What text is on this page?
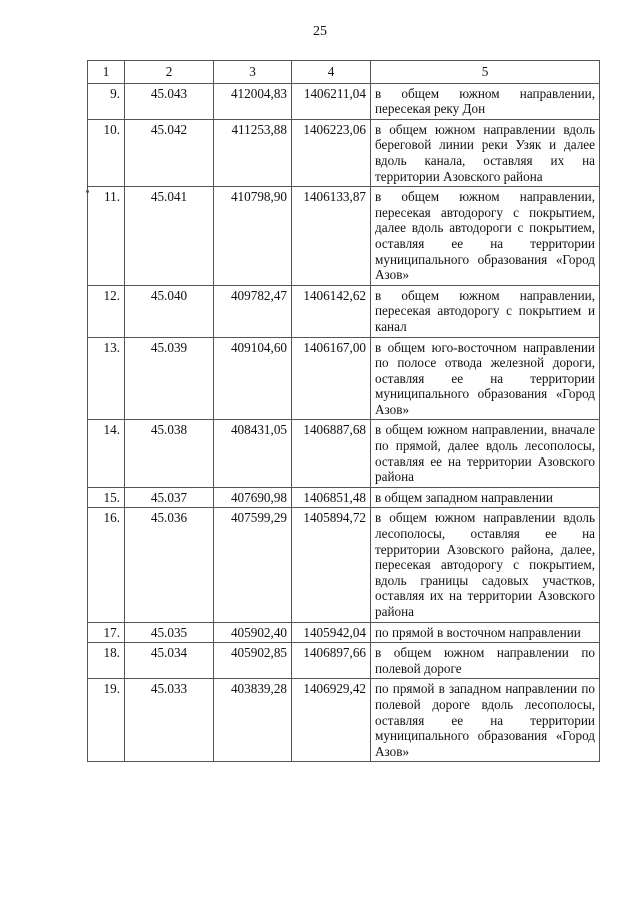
25
1	2	3	4	5
9.	45.043	412004,83	1406211,04	в общем южном направлении, пересекая реку Дон
10.	45.042	411253,88	1406223,06	в общем южном направлении вдоль береговой линии реки Узяк и далее вдоль канала, оставляя их на территории Азовского района
11.	45.041	410798,90	1406133,87	в общем южном направлении, пересекая автодорогу с покрытием, далее вдоль автодороги с покрытием, оставляя ее на территории муниципального образования «Город Азов»
12.	45.040	409782,47	1406142,62	в общем южном направлении, пересекая автодорогу с покрытием и канал
13.	45.039	409104,60	1406167,00	в общем юго-восточном направлении по полосе отвода железной дороги, оставляя ее на территории муниципального образования «Город Азов»
14.	45.038	408431,05	1406887,68	в общем южном направлении, вначале по прямой, далее вдоль лесополосы, оставляя ее на территории Азовского района
15.	45.037	407690,98	1406851,48	в общем западном направлении
16.	45.036	407599,29	1405894,72	в общем южном направлении вдоль лесополосы, оставляя ее на территории Азовского района, далее, пересекая автодорогу с покрытием, вдоль границы садовых участков, оставляя их на территории Азовского района
17.	45.035	405902,40	1405942,04	по прямой в восточном направлении
18.	45.034	405902,85	1406897,66	в общем южном направлении по полевой дороге
19.	45.033	403839,28	1406929,42	по прямой в западном направлении по полевой дороге вдоль лесополосы, оставляя ее на территории муниципального образования «Город Азов»
